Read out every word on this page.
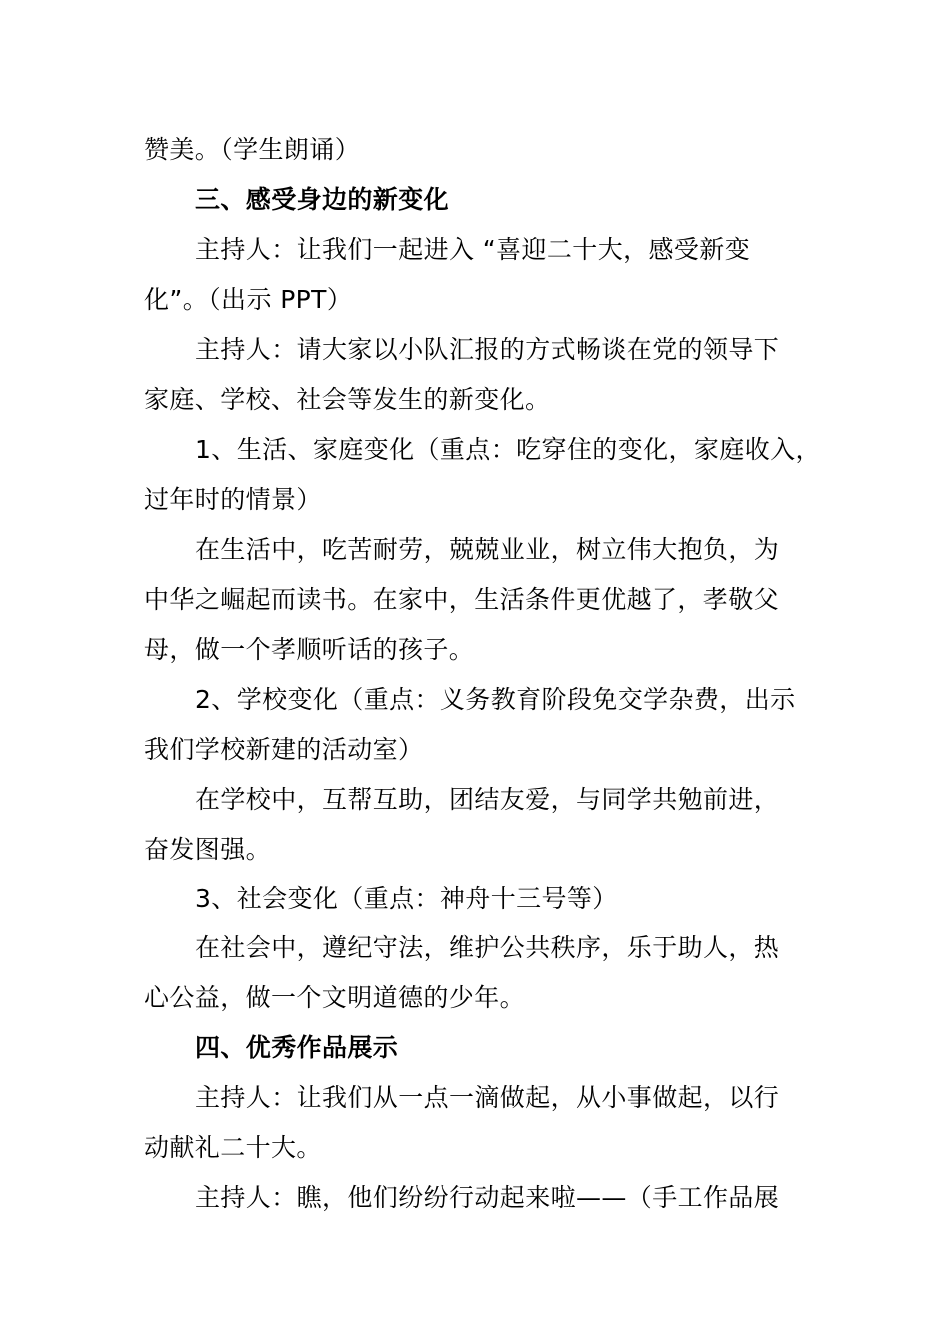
赞美。（学生朗诵）
三、感受身边的新变化
主持人：让我们一起进入 “喜迎二十大，感受新变
化”。（出示 PPT）
主持人：请大家以小队汇报的方式畅谈在党的领导下
家庭、学校、社会等发生的新变化。
1、生活、家庭变化（重点：吃穿住的变化，家庭收入，
过年时的情景）
在生活中，吃苦耐劳，兢兢业业，树立伟大抱负，为
中华之崛起而读书。在家中，生活条件更优越了，孝敬父
母，做一个孝顺听话的孩子。
2、学校变化（重点：义务教育阶段免交学杂费，出示
我们学校新建的活动室）
在学校中，互帮互助，团结友爱，与同学共勉前进，
奋发图强。
3、社会变化（重点：神舟十三号等）
在社会中，遵纪守法，维护公共秩序，乐于助人，热
心公益，做一个文明道德的少年。
四、优秀作品展示
主持人：让我们从一点一滴做起，从小事做起，以行
动献礼二十大。
主持人：瞧，他们纷纷行动起来啦——（手工作品展
